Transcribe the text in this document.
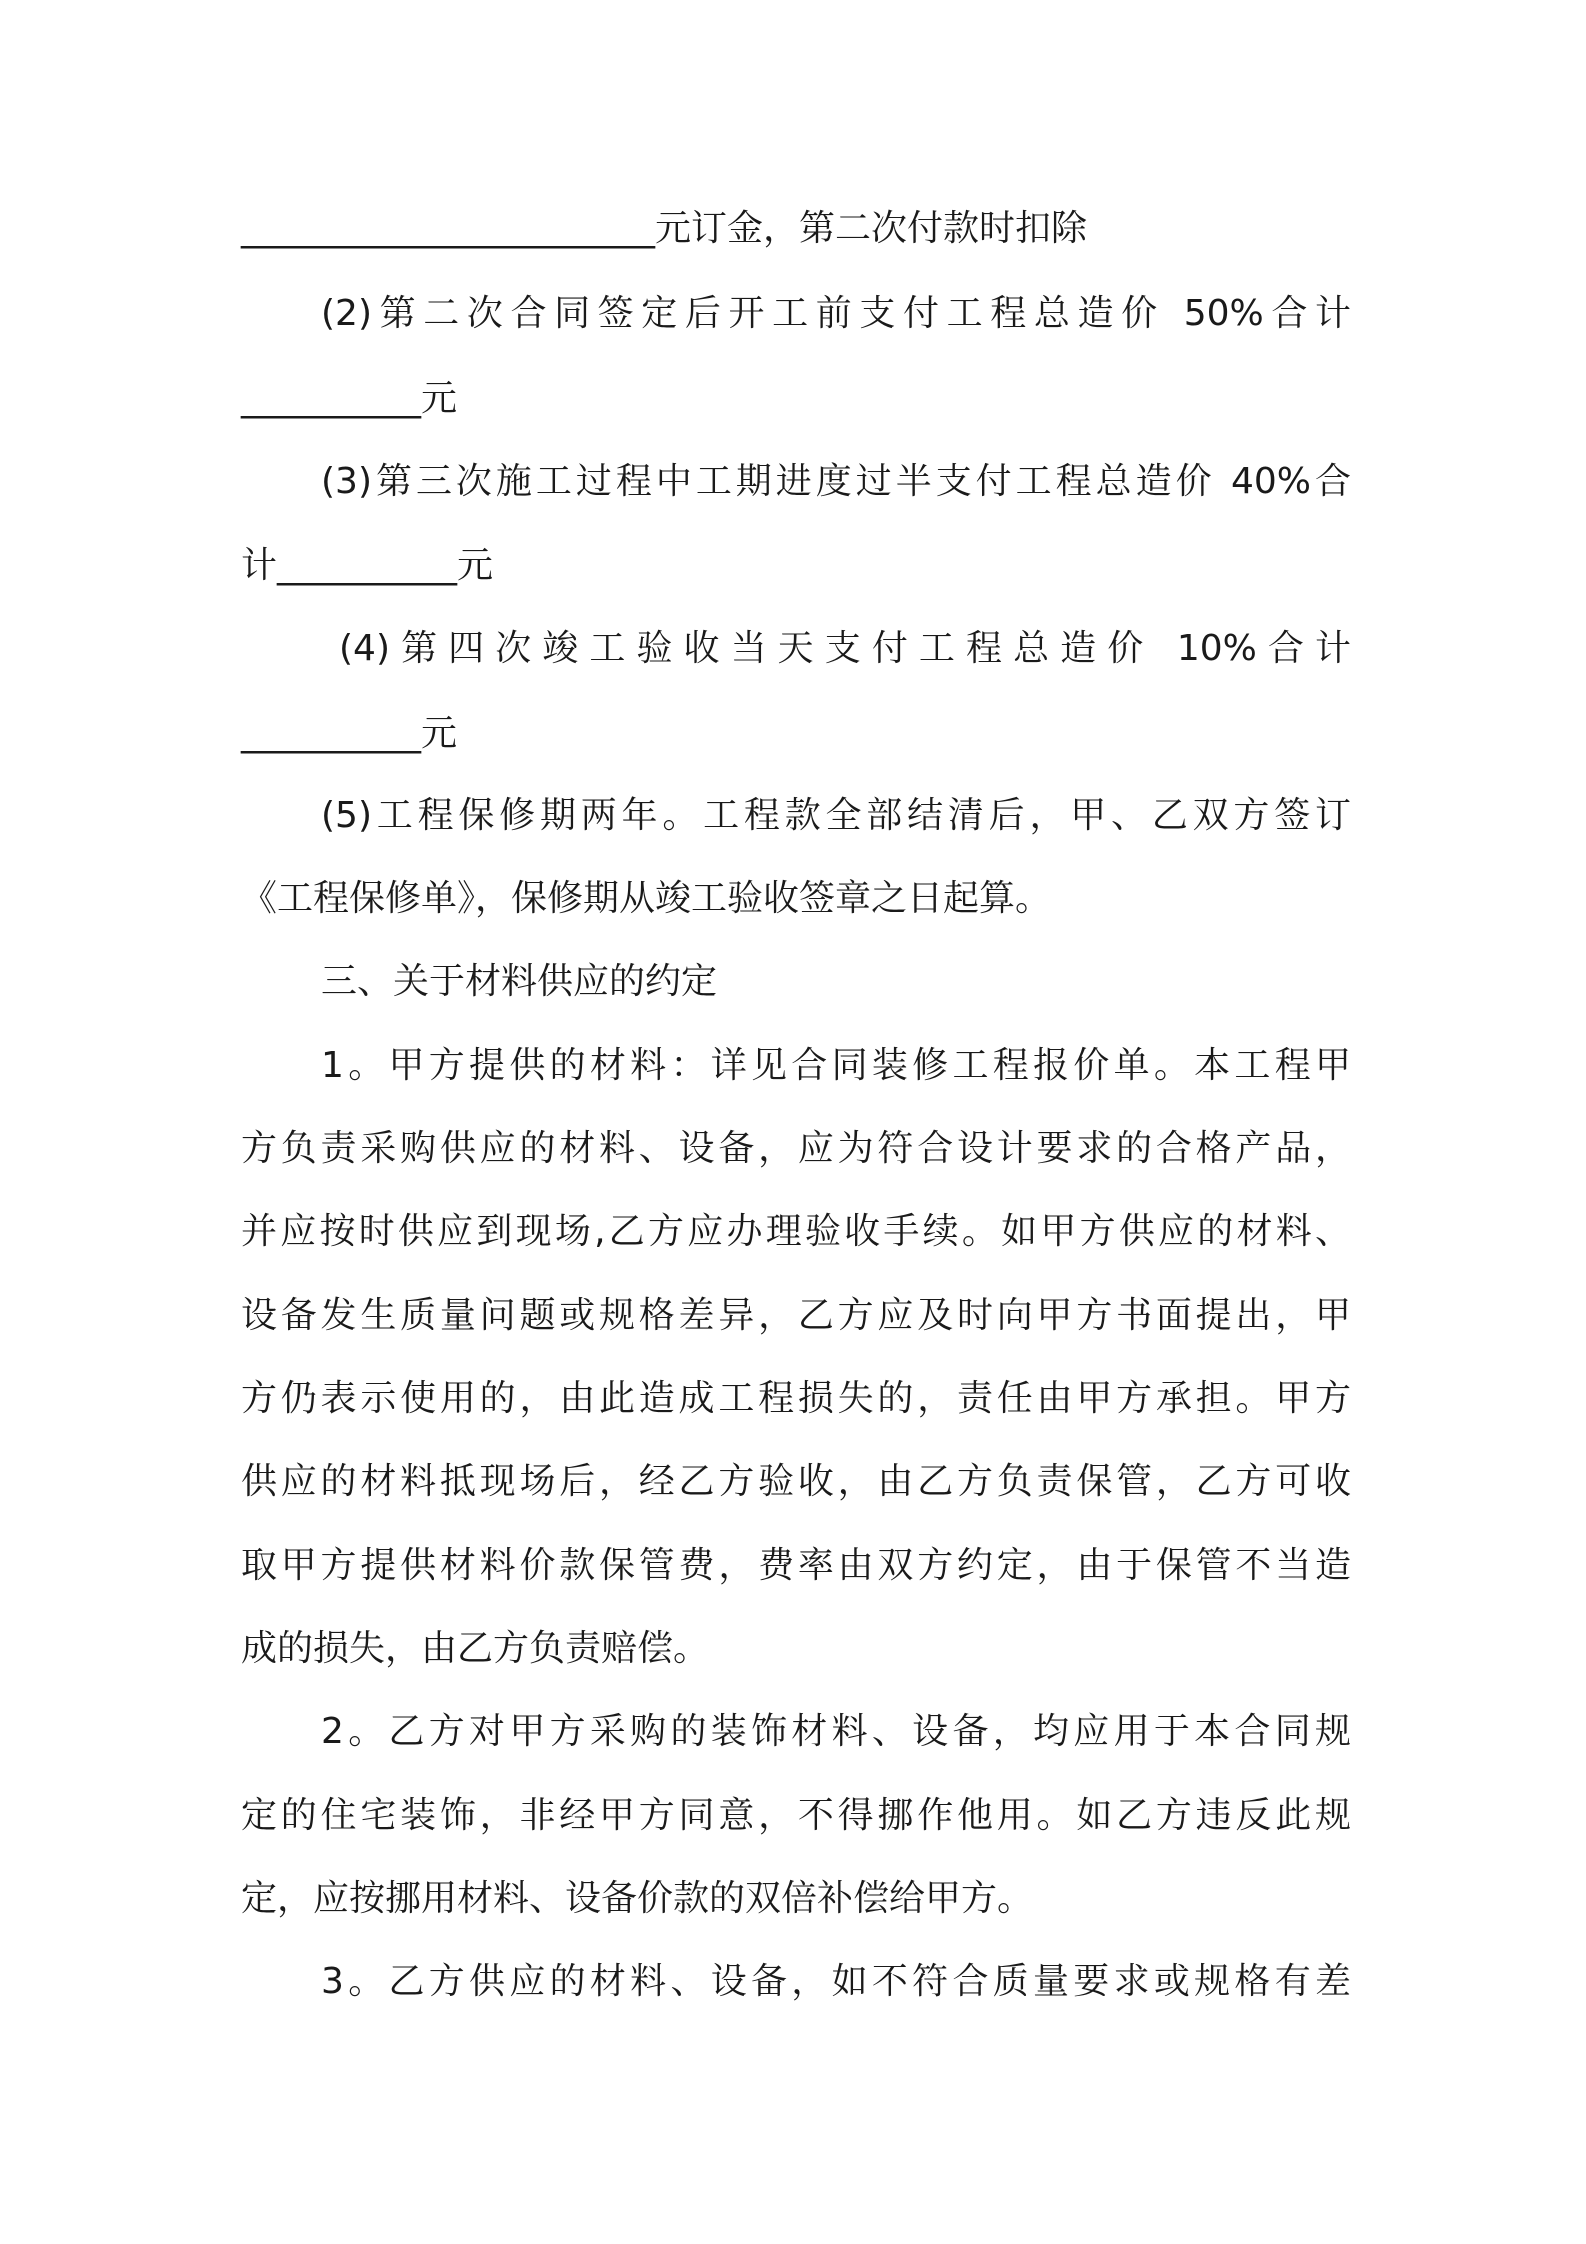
_______________________元订金，第二次付款时扣除
(2)第二次合同签定后开工前支付工程总造价 50%合计
__________元
(3)第三次施工过程中工期进度过半支付工程总造价 40%合
计__________元
(4)第四次竣工验收当天支付工程总造价 10%合计
__________元
(5)工程保修期两年。工程款全部结清后，甲、乙双方签订
《工程保修单》，保修期从竣工验收签章之日起算。
三、关于材料供应的约定
1。甲方提供的材料：详见合同装修工程报价单。本工程甲
方负责采购供应的材料、设备，应为符合设计要求的合格产品，
并应按时供应到现场,乙方应办理验收手续。如甲方供应的材料、
设备发生质量问题或规格差异，乙方应及时向甲方书面提出，甲
方仍表示使用的，由此造成工程损失的，责任由甲方承担。甲方
供应的材料抵现场后，经乙方验收，由乙方负责保管，乙方可收
取甲方提供材料价款保管费，费率由双方约定，由于保管不当造
成的损失，由乙方负责赔偿。
2。乙方对甲方采购的装饰材料、设备，均应用于本合同规
定的住宅装饰，非经甲方同意，不得挪作他用。如乙方违反此规
定，应按挪用材料、设备价款的双倍补偿给甲方。
3。乙方供应的材料、设备，如不符合质量要求或规格有差
